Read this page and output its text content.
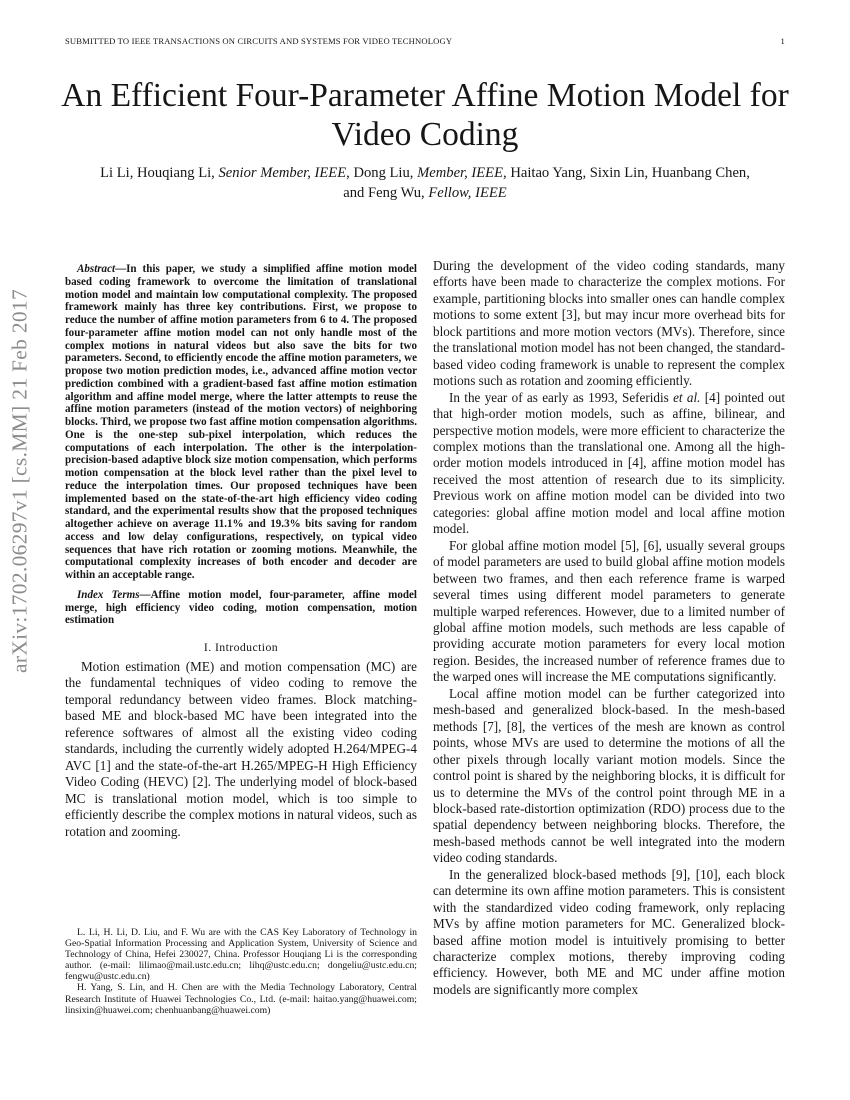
SUBMITTED TO IEEE TRANSACTIONS ON CIRCUITS AND SYSTEMS FOR VIDEO TECHNOLOGY	1
arXiv:1702.06297v1 [cs.MM] 21 Feb 2017
An Efficient Four-Parameter Affine Motion Model for Video Coding
Li Li, Houqiang Li, Senior Member, IEEE, Dong Liu, Member, IEEE, Haitao Yang, Sixin Lin, Huanbang Chen,
and Feng Wu, Fellow, IEEE

Abstract—In this paper, we study a simplified affine motion model based coding framework to overcome the limitation of translational motion model and maintain low computational complexity. The proposed framework mainly has three key contributions. First, we propose to reduce the number of affine motion parameters from 6 to 4. The proposed four-parameter affine motion model can not only handle most of the complex motions in natural videos but also save the bits for two parameters. Second, to efficiently encode the affine motion parameters, we propose two motion prediction modes, i.e., advanced affine motion vector prediction combined with a gradient-based fast affine motion estimation algorithm and affine model merge, where the latter attempts to reuse the affine motion parameters (instead of the motion vectors) of neighboring blocks. Third, we propose two fast affine motion compensation algorithms. One is the one-step sub-pixel interpolation, which reduces the computations of each interpolation. The other is the interpolation-precision-based adaptive block size motion compensation, which performs motion compensation at the block level rather than the pixel level to reduce the interpolation times. Our proposed techniques have been implemented based on the state-of-the-art high efficiency video coding standard, and the experimental results show that the proposed techniques altogether achieve on average 11.1% and 19.3% bits saving for random access and low delay configurations, respectively, on typical video sequences that have rich rotation or zooming motions. Meanwhile, the computational complexity increases of both encoder and decoder are within an acceptable range.

Index Terms—Affine motion model, four-parameter, affine model merge, high efficiency video coding, motion compensation, motion estimation

I. Introduction

Motion estimation (ME) and motion compensation (MC) are the fundamental techniques of video coding to remove the temporal redundancy between video frames. Block matching-based ME and block-based MC have been integrated into the reference softwares of almost all the existing video coding standards, including the currently widely adopted H.264/MPEG-4 AVC [1] and the state-of-the-art H.265/MPEG-H High Efficiency Video Coding (HEVC) [2]. The underlying model of block-based MC is translational motion model, which is too simple to efficiently describe the complex motions in natural videos, such as rotation and zooming.

L. Li, H. Li, D. Liu, and F. Wu are with the CAS Key Laboratory of Technology in Geo-Spatial Information Processing and Application System, University of Science and Technology of China, Hefei 230027, China. Professor Houqiang Li is the corresponding author. (e-mail: lilimao@mail.ustc.edu.cn; lihq@ustc.edu.cn; dongeliu@ustc.edu.cn; fengwu@ustc.edu.cn)

H. Yang, S. Lin, and H. Chen are with the Media Technology Laboratory, Central Research Institute of Huawei Technologies Co., Ltd. (e-mail: haitao.yang@huawei.com; linsixin@huawei.com; chenhuanbang@huawei.com)

During the development of the video coding standards, many efforts have been made to characterize the complex motions. For example, partitioning blocks into smaller ones can handle complex motions to some extent [3], but may incur more overhead bits for block partitions and more motion vectors (MVs). Therefore, since the translational motion model has not been changed, the standard-based video coding framework is unable to represent the complex motions such as rotation and zooming efficiently.

In the year of as early as 1993, Seferidis et al. [4] pointed out that high-order motion models, such as affine, bilinear, and perspective motion models, were more efficient to characterize the complex motions than the translational one. Among all the high-order motion models introduced in [4], affine motion model has received the most attention of research due to its simplicity. Previous work on affine motion model can be divided into two categories: global affine motion model and local affine motion model.

For global affine motion model [5], [6], usually several groups of model parameters are used to build global affine motion models between two frames, and then each reference frame is warped several times using different model parameters to generate multiple warped references. However, due to a limited number of global affine motion models, such methods are less capable of providing accurate motion parameters for every local motion region. Besides, the increased number of reference frames due to the warped ones will increase the ME computations significantly.

Local affine motion model can be further categorized into mesh-based and generalized block-based. In the mesh-based methods [7], [8], the vertices of the mesh are known as control points, whose MVs are used to determine the motions of all the other pixels through locally variant motion models. Since the control point is shared by the neighboring blocks, it is difficult for us to determine the MVs of the control point through ME in a block-based rate-distortion optimization (RDO) process due to the spatial dependency between neighboring blocks. Therefore, the mesh-based methods cannot be well integrated into the modern video coding standards.

In the generalized block-based methods [9], [10], each block can determine its own affine motion parameters. This is consistent with the standardized video coding framework, only replacing MVs by affine motion parameters for MC. Generalized block-based affine motion model is intuitively promising to better characterize complex motions, thereby improving coding efficiency. However, both ME and MC under affine motion models are significantly more complex
